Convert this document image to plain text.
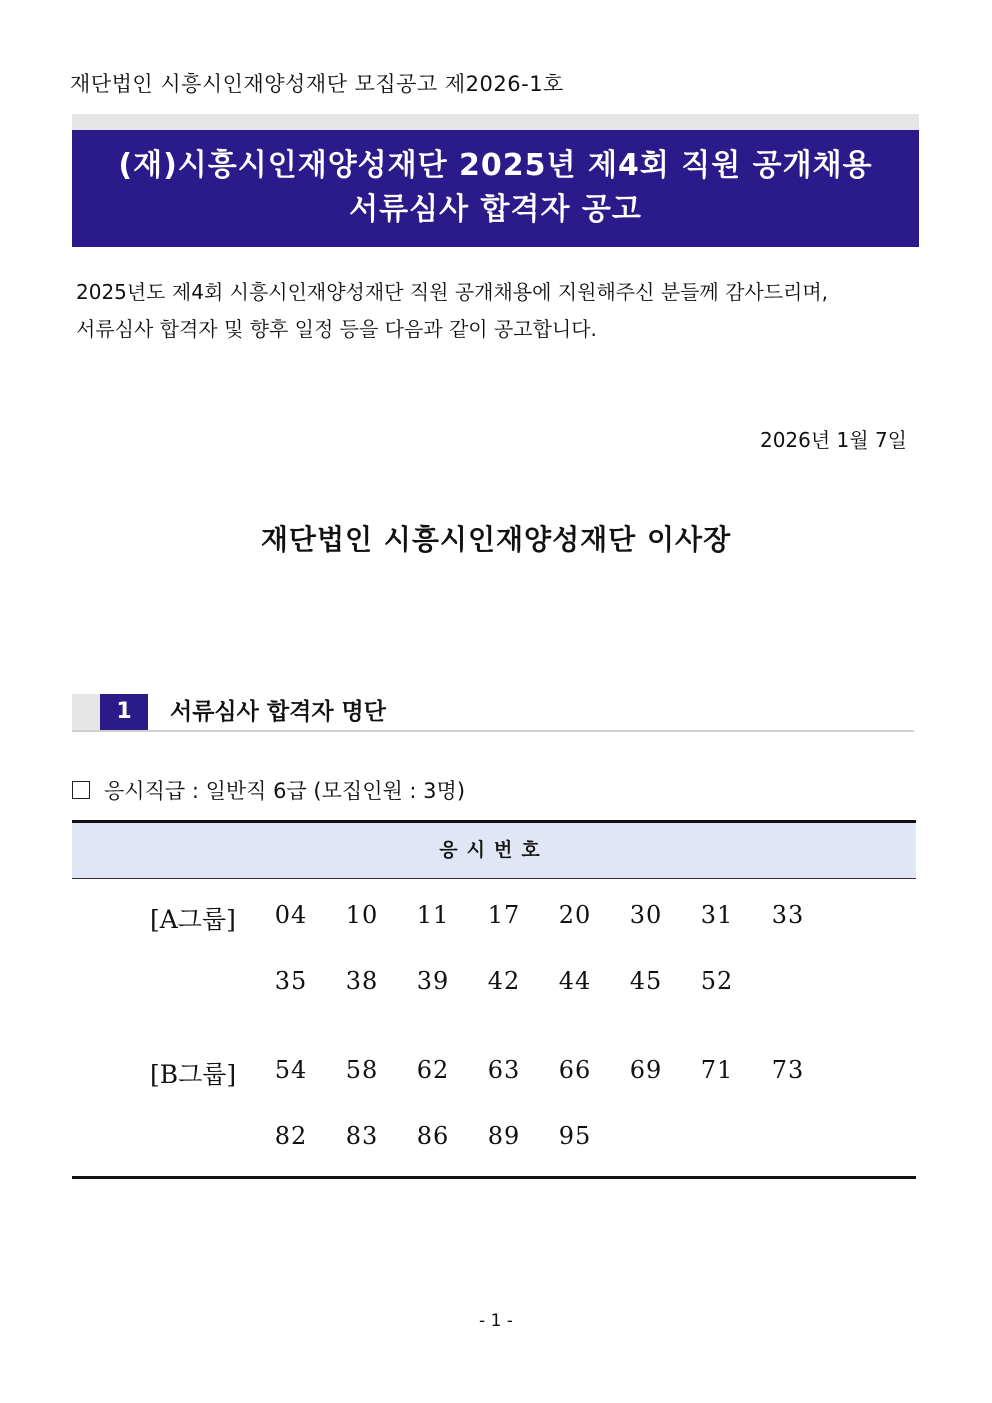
재단법인 시흥시인재양성재단 모집공고 제2026-1호
(재)시흥시인재양성재단 2025년 제4회 직원 공개채용
서류심사 합격자 공고
2025년도 제4회 시흥시인재양성재단 직원 공개채용에 지원해주신 분들께 감사드리며,
서류심사 합격자 및 향후 일정 등을 다음과 같이 공고합니다.
2026년 1월 7일
재단법인 시흥시인재양성재단 이사장
1	서류심사 합격자 명단
응시직급 : 일반직 6급 (모집인원 : 3명)
응시번호
[A그룹]	04	10	11	17	20	30	31	33
35	38	39	42	44	45	52
[B그룹]	54	58	62	63	66	69	71	73
82	83	86	89	95
- 1 -
